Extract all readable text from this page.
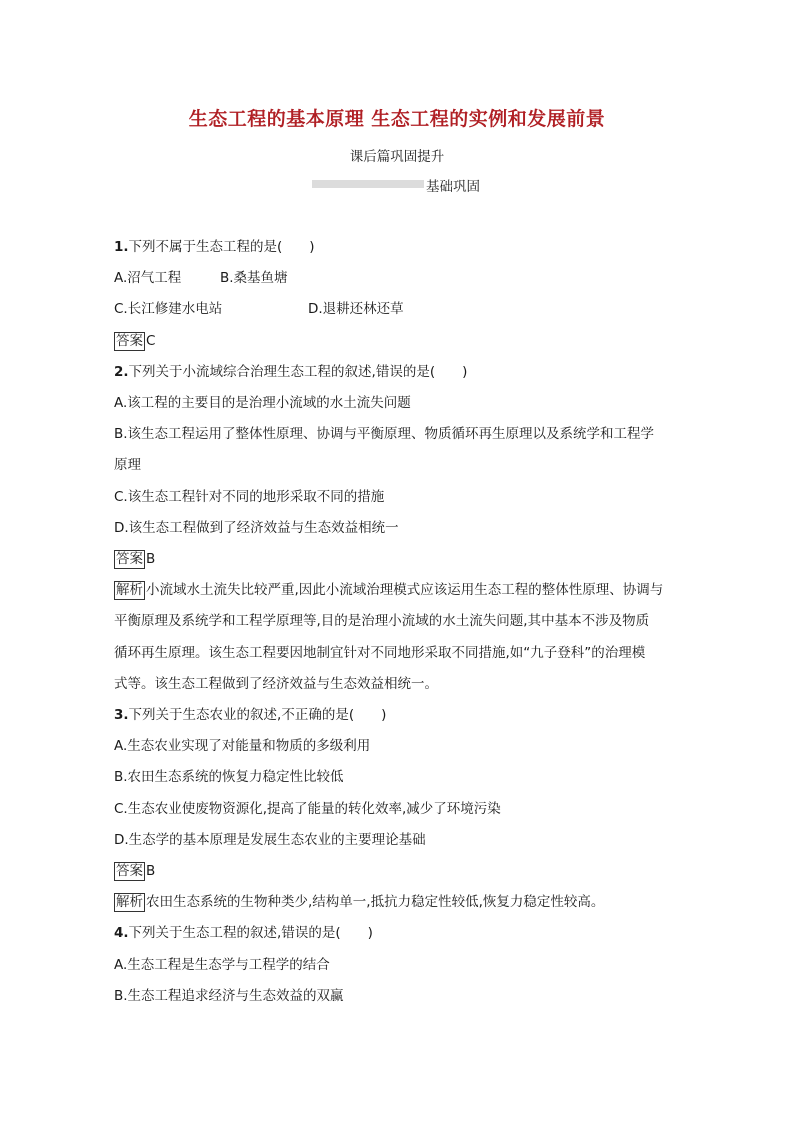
生态工程的基本原理 生态工程的实例和发展前景
课后篇巩固提升
基础巩固
1.下列不属于生态工程的是(　　)
A.沼气工程	B.桑基鱼塘
C.长江修建水电站	D.退耕还林还草
答案 C
2.下列关于小流域综合治理生态工程的叙述,错误的是(　　)
A.该工程的主要目的是治理小流域的水土流失问题
B.该生态工程运用了整体性原理、协调与平衡原理、物质循环再生原理以及系统学和工程学
原理
C.该生态工程针对不同的地形采取不同的措施
D.该生态工程做到了经济效益与生态效益相统一
答案 B
解析 小流域水土流失比较严重,因此小流域治理模式应该运用生态工程的整体性原理、协调与
平衡原理及系统学和工程学原理等,目的是治理小流域的水土流失问题,其中基本不涉及物质
循环再生原理。该生态工程要因地制宜针对不同地形采取不同措施,如“九子登科”的治理模
式等。该生态工程做到了经济效益与生态效益相统一。
3.下列关于生态农业的叙述,不正确的是(　　)
A.生态农业实现了对能量和物质的多级利用
B.农田生态系统的恢复力稳定性比较低
C.生态农业使废物资源化,提高了能量的转化效率,减少了环境污染
D.生态学的基本原理是发展生态农业的主要理论基础
答案 B
解析 农田生态系统的生物种类少,结构单一,抵抗力稳定性较低,恢复力稳定性较高。
4.下列关于生态工程的叙述,错误的是(　　)
A.生态工程是生态学与工程学的结合
B.生态工程追求经济与生态效益的双赢
